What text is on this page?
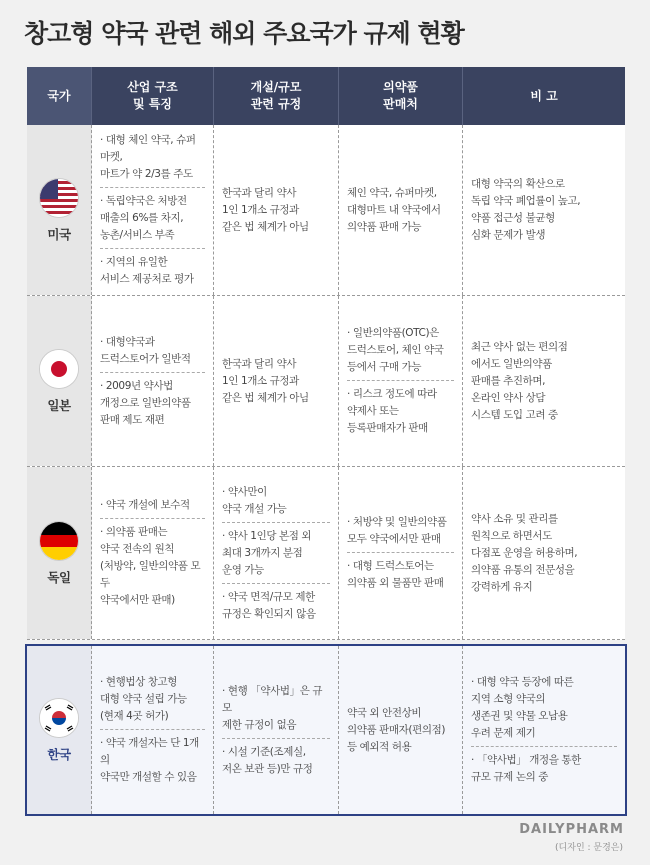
창고형 약국 관련 해외 주요국가 규제 현황
국가
산업 구조
및 특징
개설/규모
관련 규정
의약품
판매처
비 고
미국
· 대형 체인 약국, 슈퍼마켓,
마트가 약 2/3를 주도
· 독립약국은 처방전
매출의 6%를 차지,
농촌/서비스 부족
· 지역의 유일한
서비스 제공처로 평가
한국과 달리 약사
1인 1개소 규정과
같은 법 체계가 아님
체인 약국, 슈퍼마켓,
대형마트 내 약국에서
의약품 판매 가능
대형 약국의 확산으로
독립 약국 폐업률이 높고,
약품 접근성 불균형
심화 문제가 발생
일본
· 대형약국과
드럭스토어가 일반적
· 2009년 약사법
개정으로 일반의약품
판매 제도 재편
한국과 달리 약사
1인 1개소 규정과
같은 법 체계가 아님
· 일반의약품(OTC)은
드럭스토어, 체인 약국
등에서 구매 가능
· 리스크 정도에 따라
약제사 또는
등록판매자가 판매
최근 약사 없는 편의점
에서도 일반의약품
판매를 추진하며,
온라인 약사 상담
시스템 도입 고려 중
독일
· 약국 개설에 보수적
· 의약품 판매는
약국 전속의 원칙
(처방약, 일반의약품 모두
약국에서만 판매)
· 약사만이
약국 개설 가능
· 약사 1인당 본점 외
최대 3개까지 분점
운영 가능
· 약국 면적/규모 제한
규정은 확인되지 않음
· 처방약 및 일반의약품
모두 약국에서만 판매
· 대형 드럭스토어는
의약품 외 물품만 판매
약사 소유 및 관리를
원칙으로 하면서도
다점포 운영을 허용하며,
의약품 유통의 전문성을
강력하게 유지
한국
· 현행법상 창고형
대형 약국 설립 가능
(현재 4곳 허가)
· 약국 개설자는 단 1개의
약국만 개설할 수 있음
· 현행 「약사법」은 규모
제한 규정이 없음
· 시설 기준(조제실,
저온 보관 등)만 규정
약국 외 안전상비
의약품 판매자(편의점)
등 예외적 허용
· 대형 약국 등장에 따른
지역 소형 약국의
생존권 및 약물 오남용
우려 문제 제기
· 「약사법」 개정을 통한
규모 규제 논의 중
DAILYPHARM
(디자인 : 문경은)
